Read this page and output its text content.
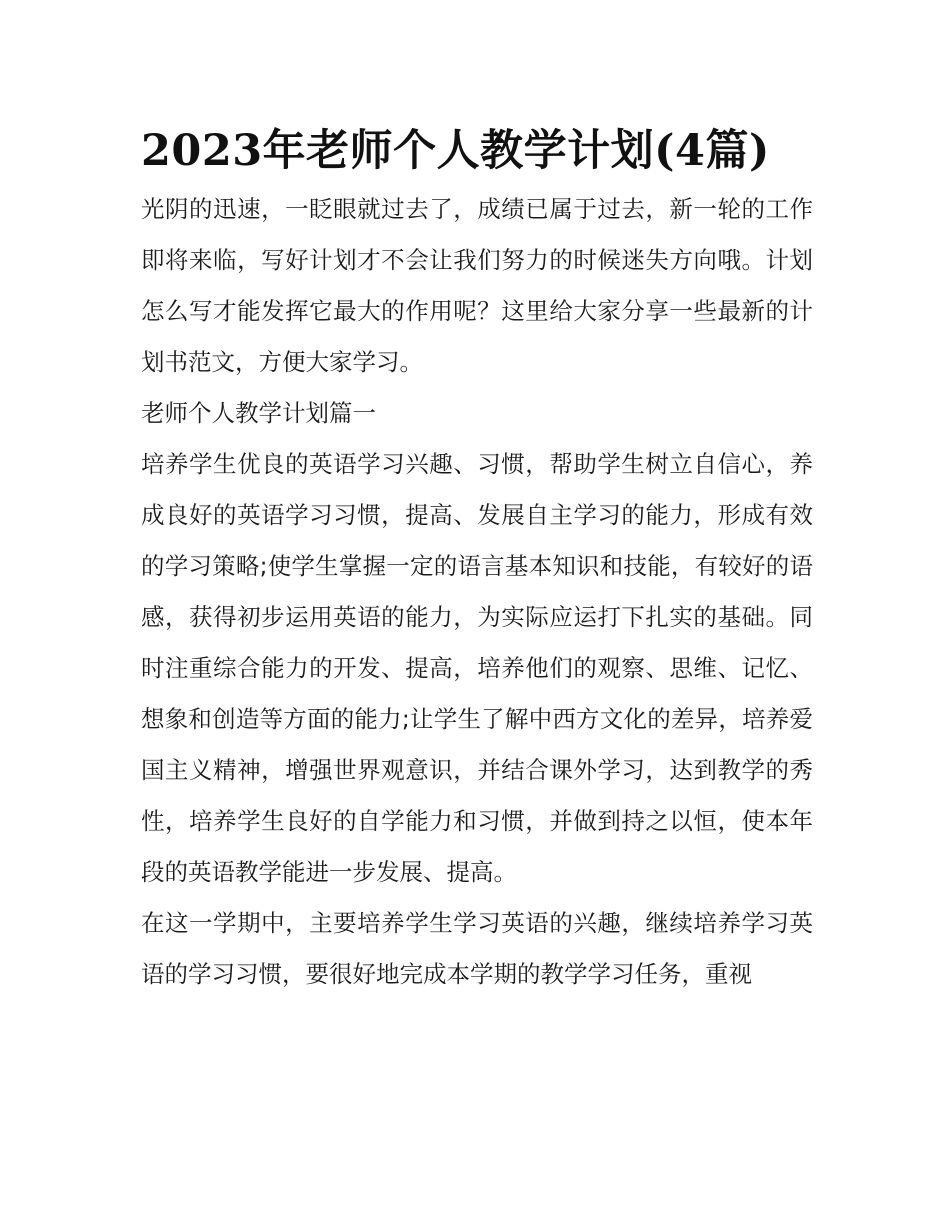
2023年老师个人教学计划(4篇)

光阴的迅速，一眨眼就过去了，成绩已属于过去，新一轮的工作即将来临，写好计划才不会让我们努力的时候迷失方向哦。计划怎么写才能发挥它最大的作用呢？这里给大家分享一些最新的计划书范文，方便大家学习。

老师个人教学计划篇一

培养学生优良的英语学习兴趣、习惯，帮助学生树立自信心，养成良好的英语学习习惯，提高、发展自主学习的能力，形成有效的学习策略;使学生掌握一定的语言基本知识和技能，有较好的语感，获得初步运用英语的能力，为实际应运打下扎实的基础。同时注重综合能力的开发、提高，培养他们的观察、思维、记忆、想象和创造等方面的能力;让学生了解中西方文化的差异，培养爱国主义精神，增强世界观意识，并结合课外学习，达到教学的秀性，培养学生良好的自学能力和习惯，并做到持之以恒，使本年段的英语教学能进一步发展、提高。

在这一学期中，主要培养学生学习英语的兴趣，继续培养学习英语的学习习惯，要很好地完成本学期的教学学习任务，重视
